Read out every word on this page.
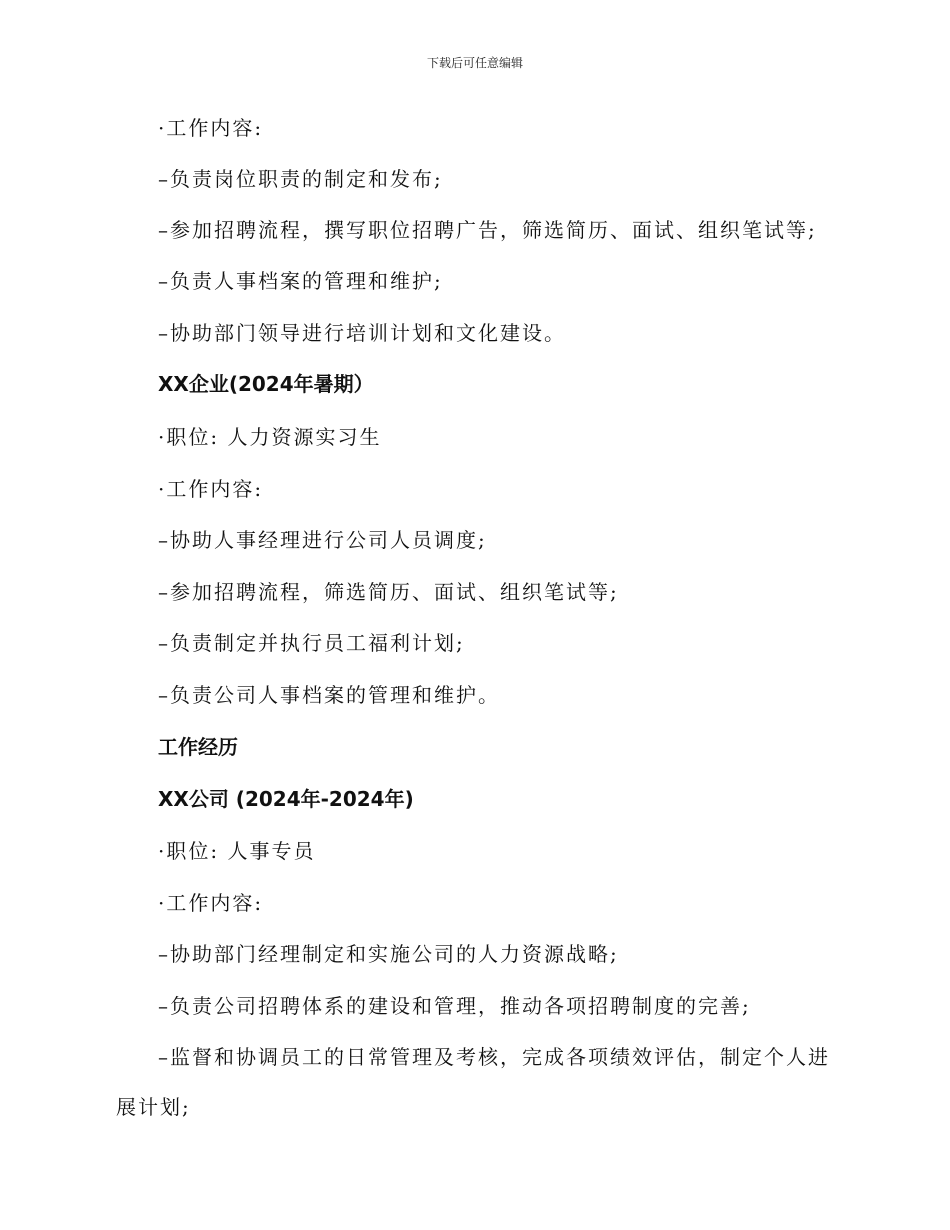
下载后可任意编辑
·工作内容:
–负责岗位职责的制定和发布;
–参加招聘流程，撰写职位招聘广告，筛选简历、面试、组织笔试等;
–负责人事档案的管理和维护;
–协助部门领导进行培训计划和文化建设。
XX企业(2024年暑期）
·职位: 人力资源实习生
·工作内容:
–协助人事经理进行公司人员调度;
–参加招聘流程，筛选简历、面试、组织笔试等;
–负责制定并执行员工福利计划;
–负责公司人事档案的管理和维护。
工作经历
XX公司 (2024年-2024年)
·职位: 人事专员
·工作内容:
–协助部门经理制定和实施公司的人力资源战略;
–负责公司招聘体系的建设和管理，推动各项招聘制度的完善;
–监督和协调员工的日常管理及考核，完成各项绩效评估，制定个人进展计划;
